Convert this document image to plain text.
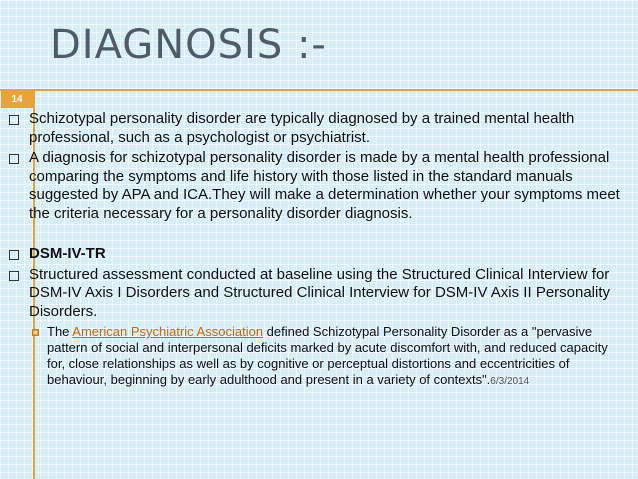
DIAGNOSIS :-
14
Schizotypal personality disorder are typically diagnosed by a trained mental health professional, such as a psychologist or psychiatrist.
A diagnosis for schizotypal personality disorder is made by a mental health professional comparing the symptoms and life history with those listed in the standard manuals suggested by APA and ICA.They will make a determination whether your symptoms meet the criteria necessary for a personality disorder diagnosis.
DSM-IV-TR
Structured assessment conducted at baseline using the Structured Clinical Interview for DSM-IV Axis I Disorders and Structured Clinical Interview for DSM-IV Axis II Personality Disorders.
The American Psychiatric Association defined Schizotypal Personality Disorder as a "pervasive pattern of social and interpersonal deficits marked by acute discomfort with, and reduced capacity for, close relationships as well as by cognitive or perceptual distortions and eccentricities of behaviour, beginning by early adulthood and present in a variety of contexts".6/3/2014
